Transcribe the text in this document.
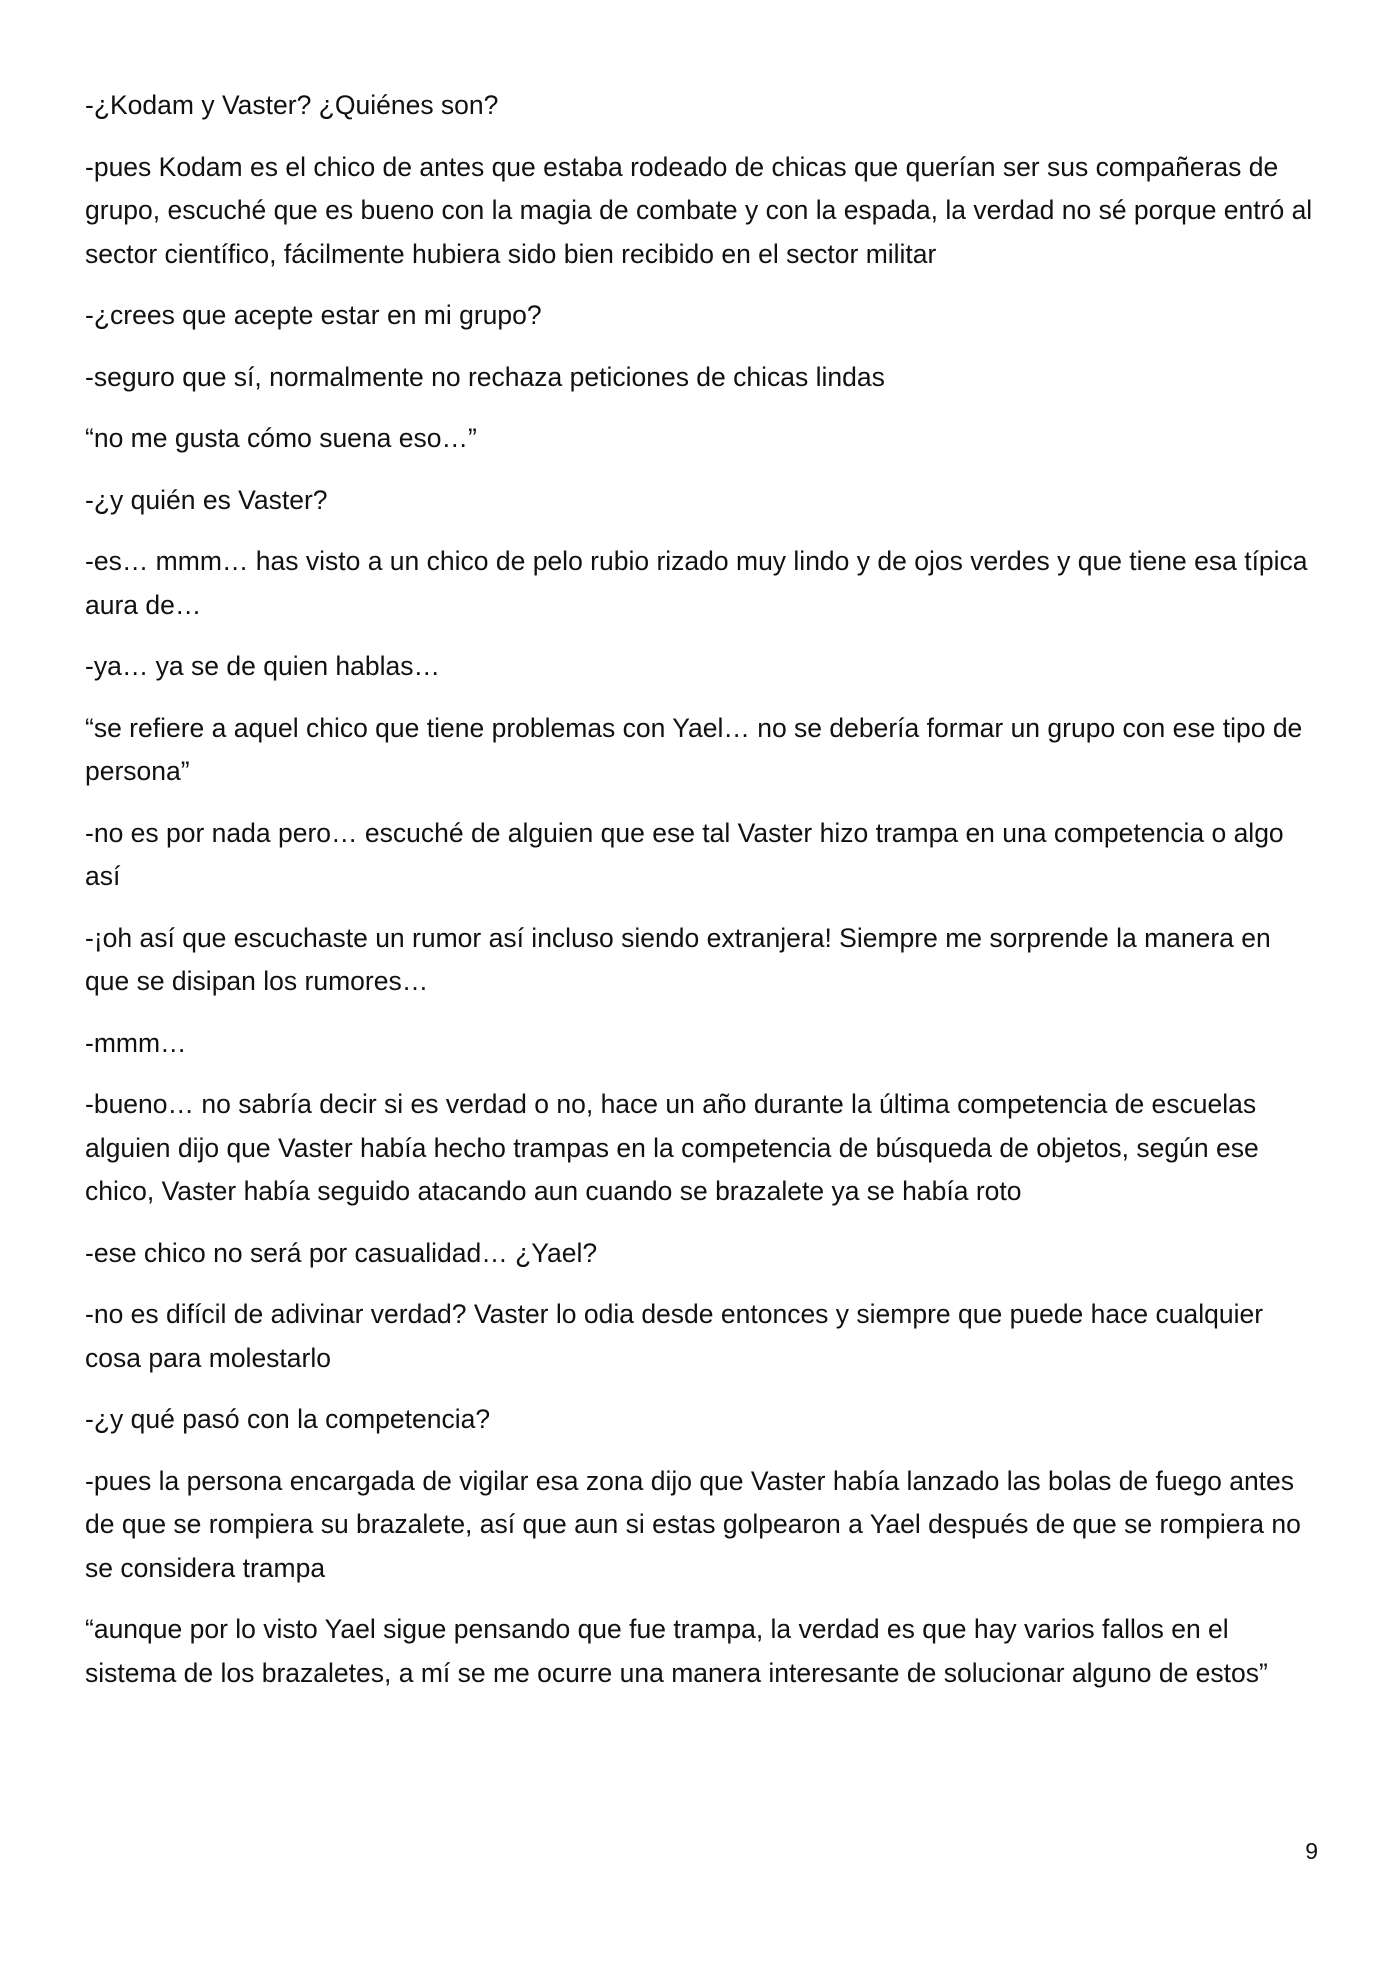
-¿Kodam y Vaster? ¿Quiénes son?

-pues Kodam es el chico de antes que estaba rodeado de chicas que querían ser sus compañeras de grupo, escuché que es bueno con la magia de combate y con la espada, la verdad no sé porque entró al sector científico, fácilmente hubiera sido bien recibido en el sector militar

-¿crees que acepte estar en mi grupo?

-seguro que sí, normalmente no rechaza peticiones de chicas lindas

“no me gusta cómo suena eso…”

-¿y quién es Vaster?

-es… mmm… has visto a un chico de pelo rubio rizado muy lindo y de ojos verdes y que tiene esa típica aura de…

-ya… ya se de quien hablas…

“se refiere a aquel chico que tiene problemas con Yael… no se debería formar un grupo con ese tipo de persona”

-no es por nada pero… escuché de alguien que ese tal Vaster hizo trampa en una competencia o algo así

-¡oh así que escuchaste un rumor así incluso siendo extranjera! Siempre me sorprende la manera en que se disipan los rumores…

-mmm…

-bueno… no sabría decir si es verdad o no, hace un año durante la última competencia de escuelas alguien dijo que Vaster había hecho trampas en la competencia de búsqueda de objetos, según ese chico, Vaster había seguido atacando aun cuando se brazalete ya se había roto

-ese chico no será por casualidad… ¿Yael?

-no es difícil de adivinar verdad? Vaster lo odia desde entonces y siempre que puede hace cualquier cosa para molestarlo

-¿y qué pasó con la competencia?

-pues la persona encargada de vigilar esa zona dijo que Vaster había lanzado las bolas de fuego antes de que se rompiera su brazalete, así que aun si estas golpearon a Yael después de que se rompiera no se considera trampa

“aunque por lo visto Yael sigue pensando que fue trampa, la verdad es que hay varios fallos en el sistema de los brazaletes, a mí se me ocurre una manera interesante de solucionar alguno de estos”

9
